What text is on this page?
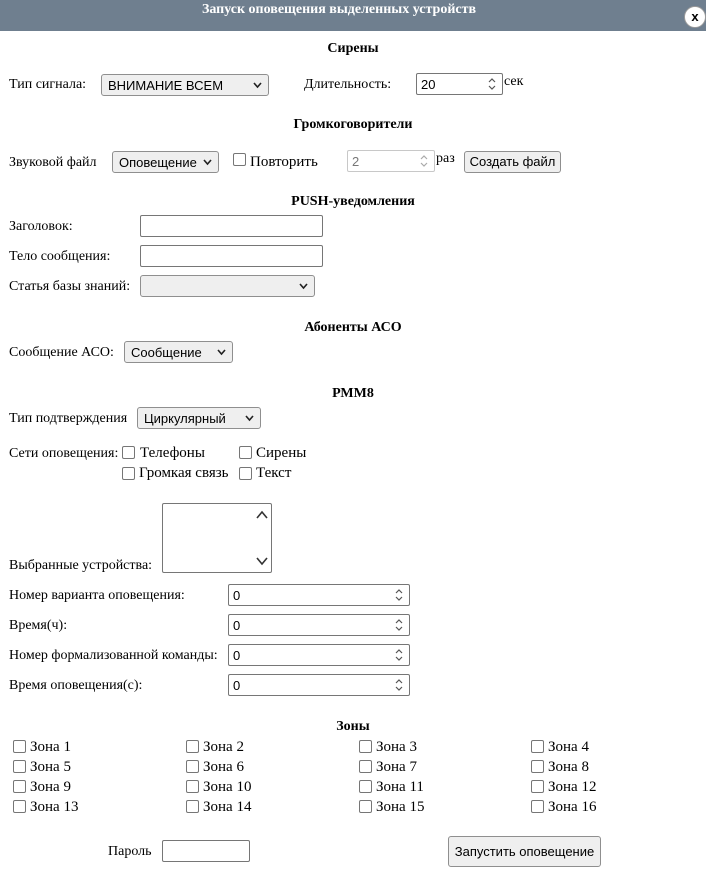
Запуск оповещения выделенных устройств	x
Сирены
Тип сигнала:	ВНИМАНИЕ ВСЕМ	Длительность:	20	сек
Громкоговорители
Звуковой файл	Оповещение	Повторить	2	раз	Создать файл
PUSH-уведомления
Заголовок:
Тело сообщения:
Статья базы знаний:
Абоненты АСО
Сообщение АСО:	Сообщение
РММ8
Тип подтверждения	Циркулярный
Сети оповещения: Телефоны	Сирены
Громкая связь Текст
Выбранные устройства:
Номер варианта оповещения:	0
Время(ч):	0
Номер формализованной команды:	0
Время оповещения(с):	0
Зоны
Зона 1	Зона 2	Зона 3	Зона 4
Зона 5	Зона 6	Зона 7	Зона 8
Зона 9	Зона 10	Зона 11	Зона 12
Зона 13	Зона 14	Зона 15	Зона 16
Пароль	Запустить оповещение
